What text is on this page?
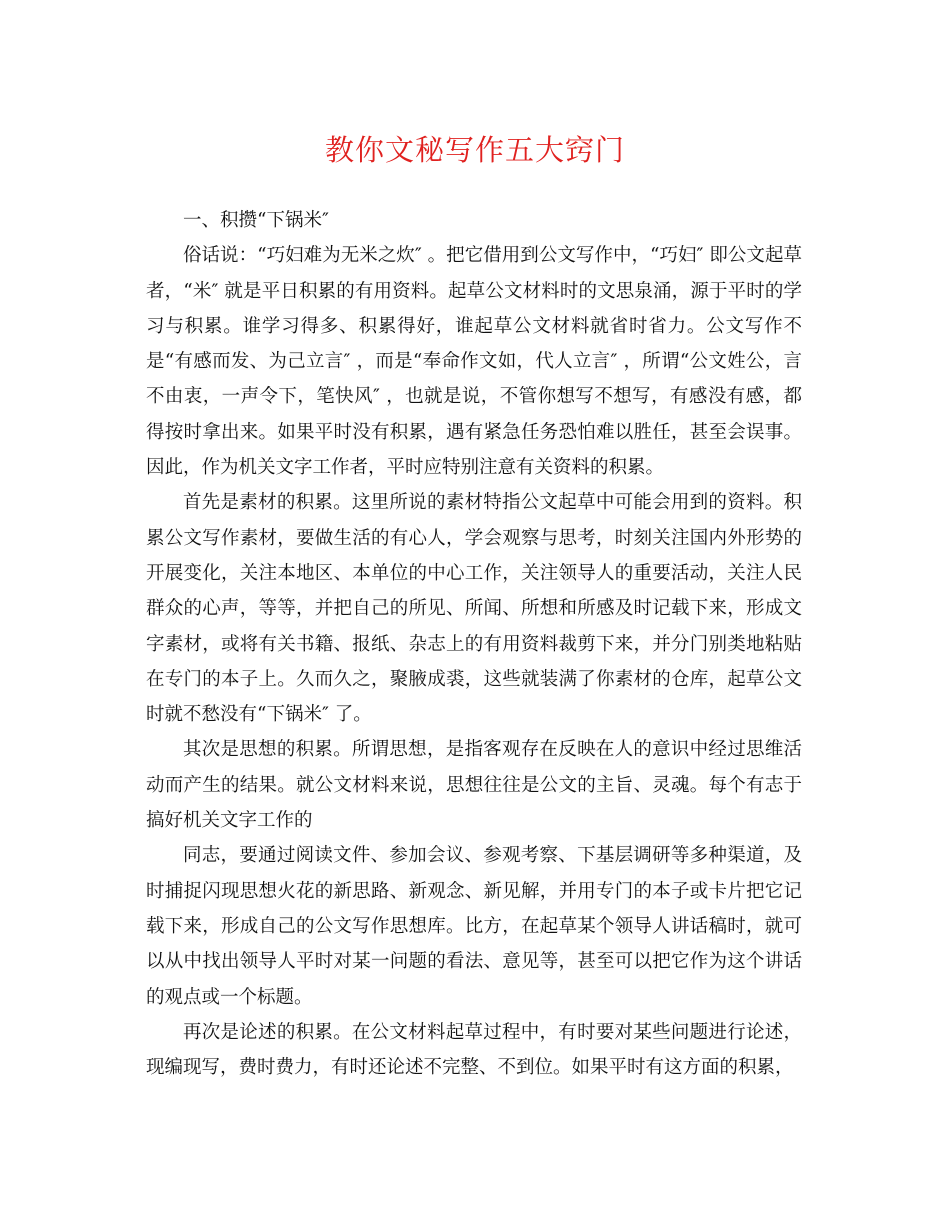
教你文秘写作五大窍门

一、积攒“下锅米″

俗话说：“巧妇难为无米之炊″ 。把它借用到公文写作中，“巧妇″ 即公文起草者，“米″ 就是平日积累的有用资料。起草公文材料时的文思泉涌，源于平时的学习与积累。谁学习得多、积累得好，谁起草公文材料就省时省力。公文写作不是“有感而发、为己立言″ ，而是“奉命作文如，代人立言″ ，所谓“公文姓公，言不由衷，一声令下，笔快风″ ，也就是说，不管你想写不想写，有感没有感，都得按时拿出来。如果平时没有积累，遇有紧急任务恐怕难以胜任，甚至会误事。因此，作为机关文字工作者，平时应特别注意有关资料的积累。

首先是素材的积累。这里所说的素材特指公文起草中可能会用到的资料。积累公文写作素材，要做生活的有心人，学会观察与思考，时刻关注国内外形势的开展变化，关注本地区、本单位的中心工作，关注领导人的重要活动，关注人民群众的心声，等等，并把自己的所见、所闻、所想和所感及时记载下来，形成文字素材，或将有关书籍、报纸、杂志上的有用资料裁剪下来，并分门别类地粘贴在专门的本子上。久而久之，聚腋成裘，这些就装满了你素材的仓库，起草公文时就不愁没有“下锅米″ 了。

其次是思想的积累。所谓思想，是指客观存在反映在人的意识中经过思维活动而产生的结果。就公文材料来说，思想往往是公文的主旨、灵魂。每个有志于搞好机关文字工作的

同志，要通过阅读文件、参加会议、参观考察、下基层调研等多种渠道，及时捕捉闪现思想火花的新思路、新观念、新见解，并用专门的本子或卡片把它记载下来，形成自己的公文写作思想库。比方，在起草某个领导人讲话稿时，就可以从中找出领导人平时对某一问题的看法、意见等，甚至可以把它作为这个讲话的观点或一个标题。

再次是论述的积累。在公文材料起草过程中，有时要对某些问题进行论述，现编现写，费时费力，有时还论述不完整、不到位。如果平时有这方面的积累，
